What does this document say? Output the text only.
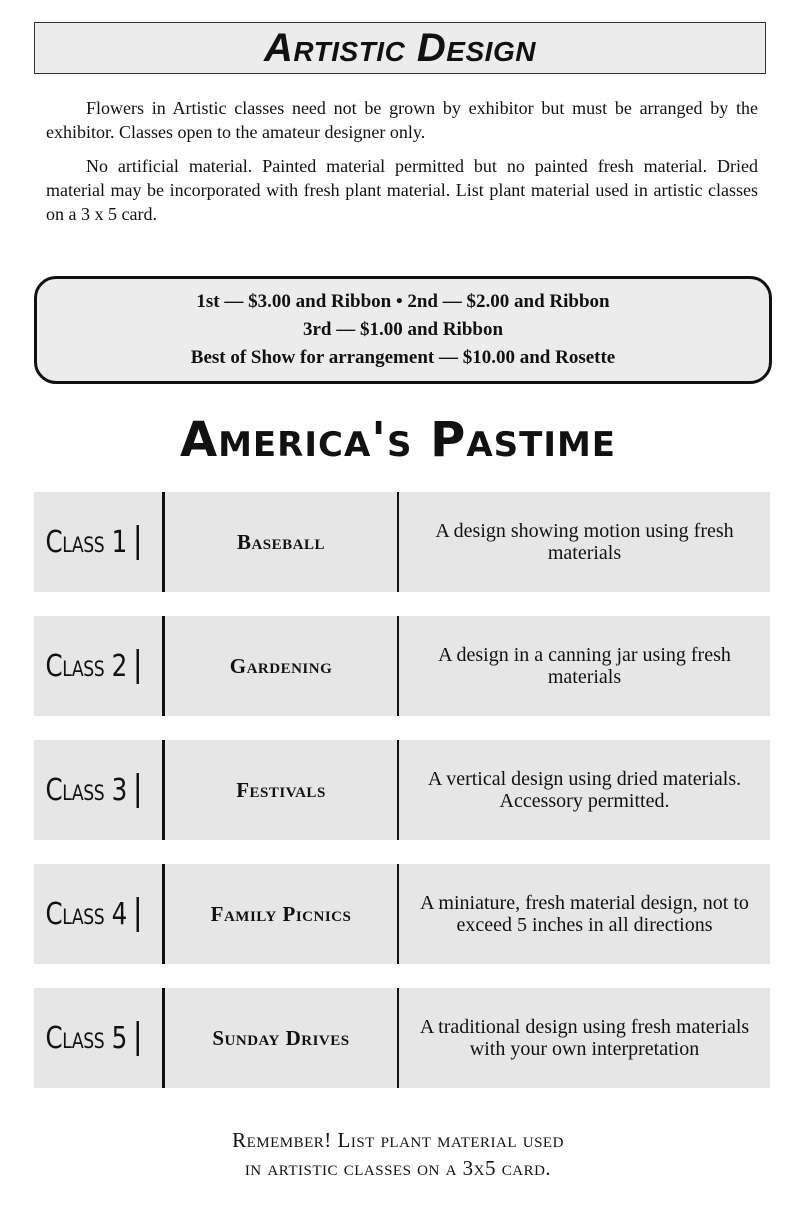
Artistic Design

Flowers in Artistic classes need not be grown by exhibitor but must be arranged by the exhibitor. Classes open to the amateur designer only.

No artificial material. Painted material permitted but no painted fresh material. Dried material may be incorporated with fresh plant material. List plant material used in artistic classes on a 3 x 5 card.

1st — $3.00 and Ribbon • 2nd — $2.00 and Ribbon
3rd — $1.00 and Ribbon
Best of Show for arrangement — $10.00 and Rosette
America's Pastime
Class 1	Baseball	A design showing motion using fresh materials
Class 2	Gardening	A design in a canning jar using fresh materials
Class 3	Festivals	A vertical design using dried materials. Accessory permitted.
Class 4	Family Picnics	A miniature, fresh material design, not to exceed 5 inches in all directions
Class 5	Sunday Drives	A traditional design using fresh materials with your own interpretation
Remember! List plant material used
in artistic classes on a 3x5 card.
